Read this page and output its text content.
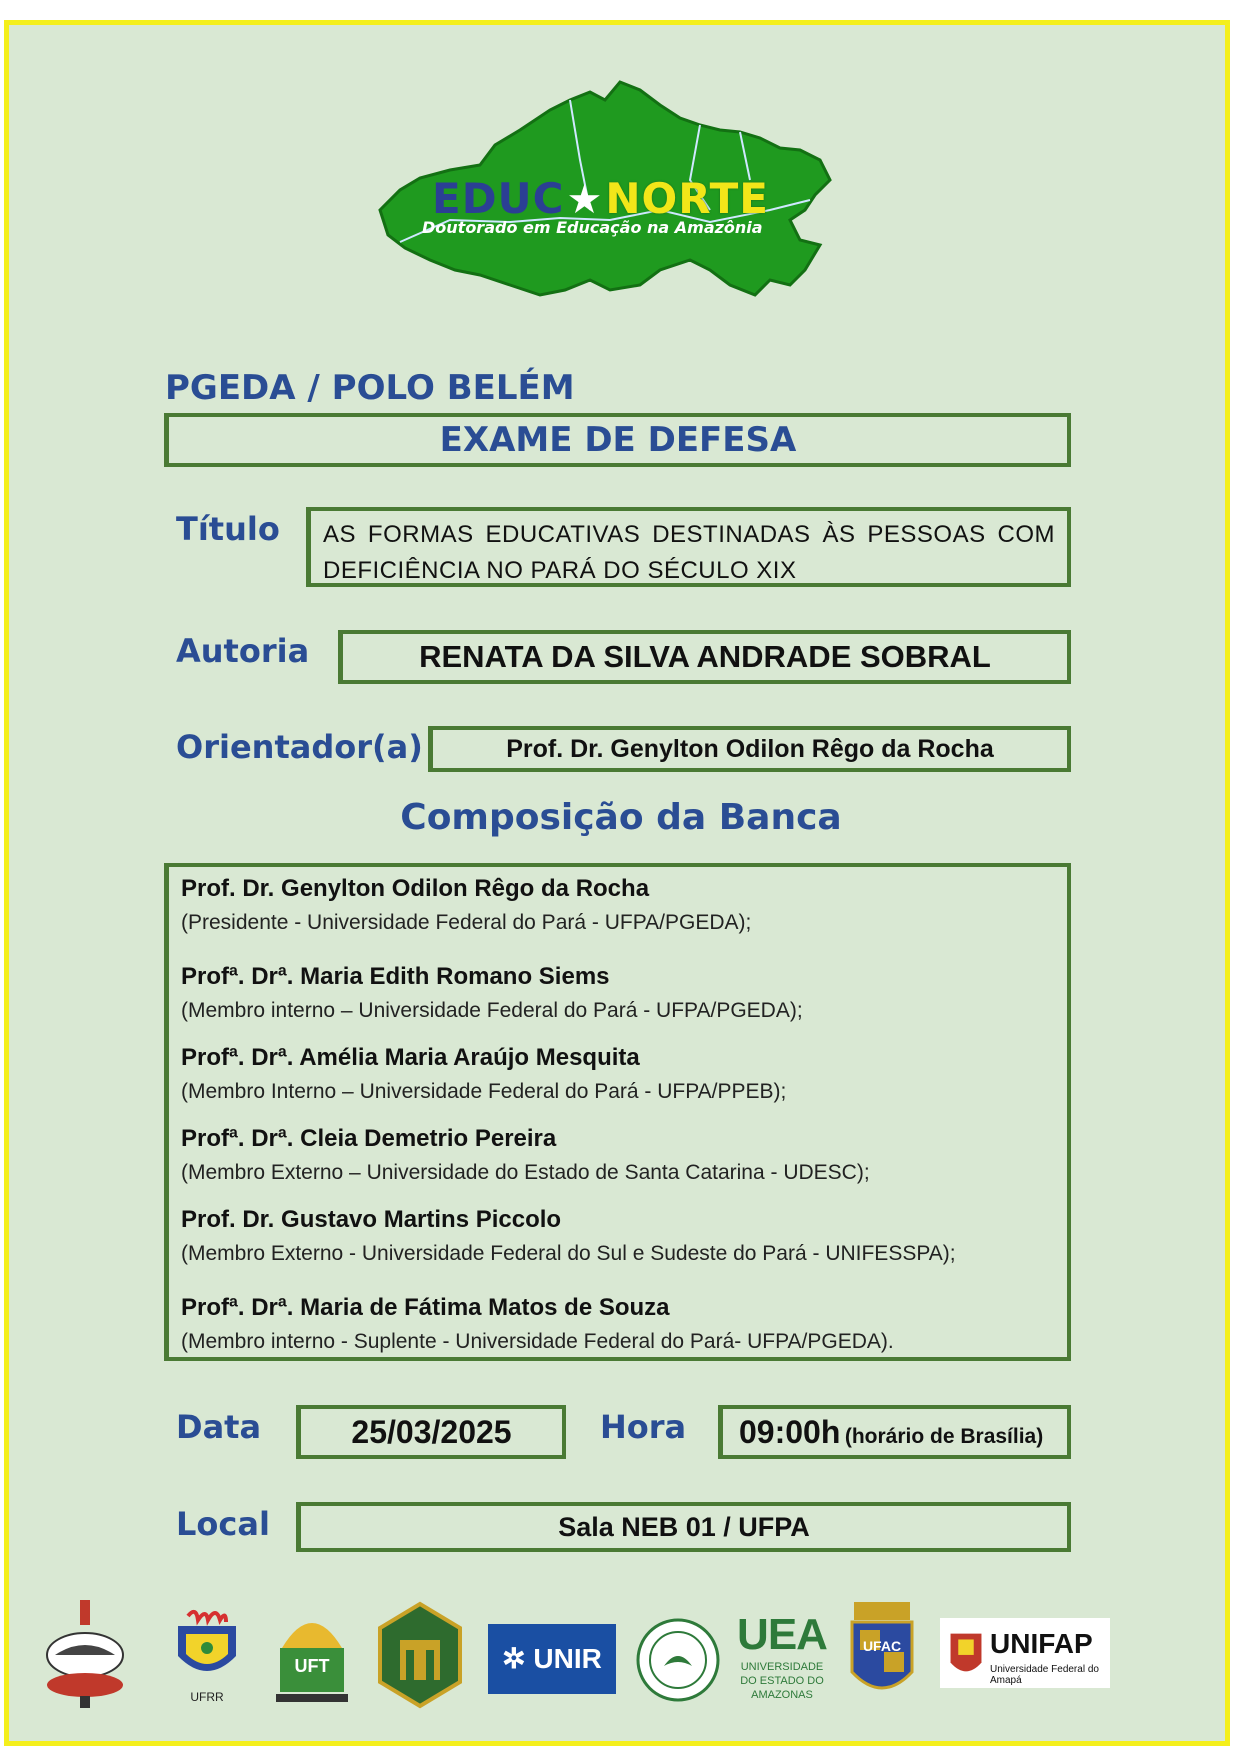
EDUC★NORTE
Doutorado em Educação na Amazônia
PGEDA / POLO BELÉM
EXAME DE DEFESA
Título	AS FORMAS EDUCATIVAS DESTINADAS ÀS PESSOAS COM DEFICIÊNCIA NO PARÁ DO SÉCULO XIX
Autoria	RENATA DA SILVA ANDRADE SOBRAL
Orientador(a)	Prof. Dr. Genylton Odilon Rêgo da Rocha
Composição da Banca
Prof. Dr. Genylton Odilon Rêgo da Rocha
(Presidente - Universidade Federal do Pará - UFPA/PGEDA);
Profª. Drª. Maria Edith Romano Siems
(Membro interno – Universidade Federal do Pará - UFPA/PGEDA);
Profª. Drª. Amélia Maria Araújo Mesquita
(Membro Interno – Universidade Federal do Pará - UFPA/PPEB);
Profª. Drª. Cleia Demetrio Pereira
(Membro Externo – Universidade do Estado de Santa Catarina - UDESC);
Prof. Dr. Gustavo Martins Piccolo
(Membro Externo - Universidade Federal do Sul e Sudeste do Pará - UNIFESSPA);
Profª. Drª. Maria de Fátima Matos de Souza
(Membro interno - Suplente - Universidade Federal do Pará- UFPA/PGEDA).
Data	25/03/2025	Hora	09:00h (horário de Brasília)
Local	Sala NEB 01 / UFPA
UFRR
UFT	✲ UNIR	UEA
UNIVERSIDADE DO ESTADO DO AMAZONAS
UFAC	UNIFAP
Universidade Federal do Amapá
